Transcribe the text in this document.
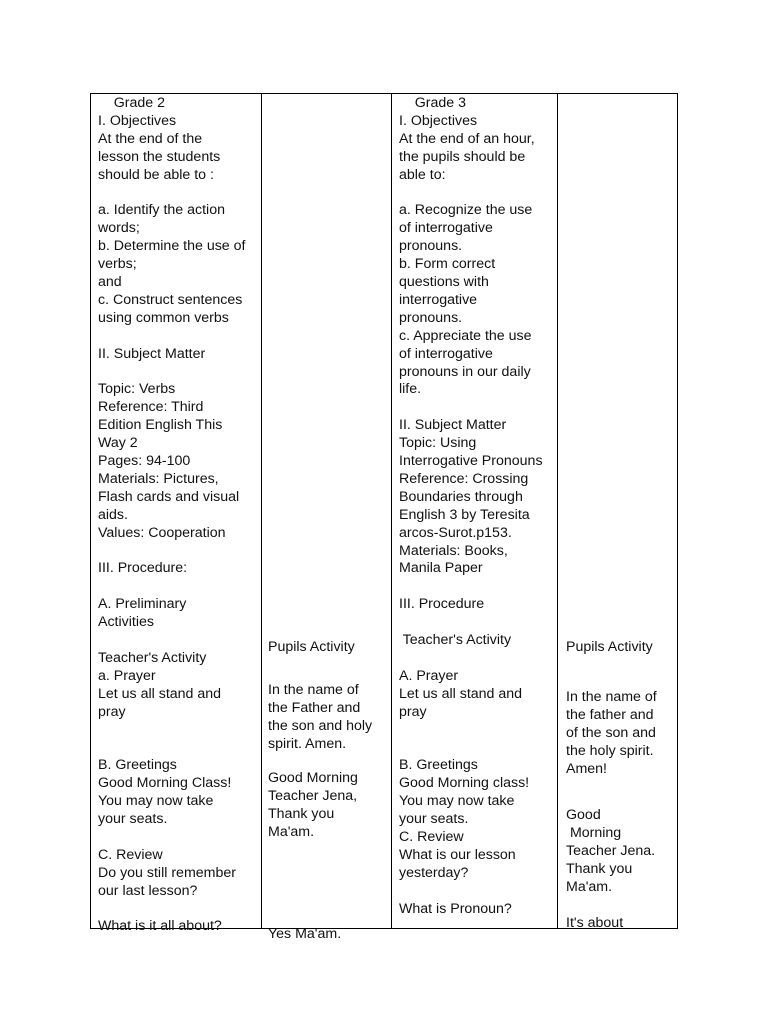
Grade 2
I. Objectives
At the end of the
lesson the students
should be able to :
a. Identify the action
words;
b. Determine the use of
verbs;
and
c. Construct sentences
using common verbs
II. Subject Matter
Topic: Verbs
Reference: Third
Edition English This
Way 2
Pages: 94-100
Materials: Pictures,
Flash cards and visual
aids.
Values: Cooperation
III. Procedure:
A. Preliminary
Activities
Teacher's Activity
a. Prayer
Let us all stand and
pray
B. Greetings
Good Morning Class!
You may now take
your seats.
C. Review
Do you still remember
our last lesson?
What is it all about?
Pupils Activity
In the name of
the Father and
the son and holy
spirit. Amen.
Good Morning
Teacher Jena,
Thank you
Ma'am.
Yes Ma'am.
Grade 3
I. Objectives
At the end of an hour,
the pupils should be
able to:
a. Recognize the use
of interrogative
pronouns.
b. Form correct
questions with
interrogative
pronouns.
c. Appreciate the use
of interrogative
pronouns in our daily
life.
II. Subject Matter
Topic: Using
Interrogative Pronouns
Reference: Crossing
Boundaries through
English 3 by Teresita
arcos-Surot.p153.
Materials: Books,
Manila Paper
III. Procedure
Teacher's Activity
A. Prayer
Let us all stand and
pray
B. Greetings
Good Morning class!
You may now take
your seats.
C. Review
What is our lesson
yesterday?
What is Pronoun?
Pupils Activity
In the name of
the father and
of the son and
the holy spirit.
Amen!
Good
Morning
Teacher Jena.
Thank you
Ma'am.
It's about
